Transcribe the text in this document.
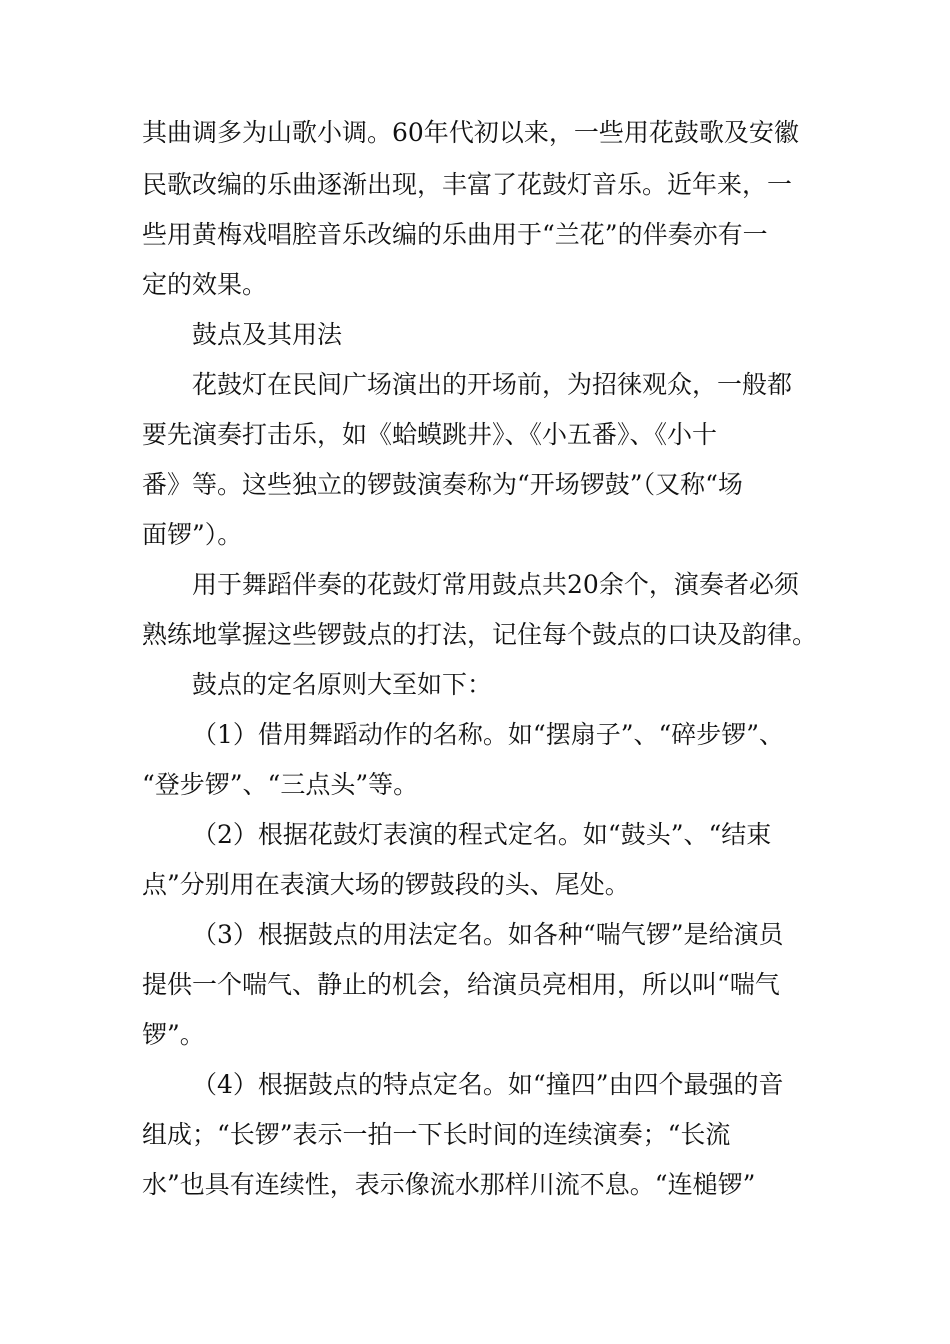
其曲调多为山歌小调。60年代初以来，一些用花鼓歌及安徽
民歌改编的乐曲逐渐出现，丰富了花鼓灯音乐。近年来，一
些用黄梅戏唱腔音乐改编的乐曲用于“兰花”的伴奏亦有一
定的效果。
鼓点及其用法
花鼓灯在民间广场演出的开场前，为招徕观众，一般都
要先演奏打击乐，如《蛤蟆跳井》、《小五番》、《小十
番》等。这些独立的锣鼓演奏称为“开场锣鼓”（又称“场
面锣”）。
用于舞蹈伴奏的花鼓灯常用鼓点共20余个，演奏者必须
熟练地掌握这些锣鼓点的打法，记住每个鼓点的口诀及韵律。
鼓点的定名原则大至如下：
（1）借用舞蹈动作的名称。如“摆扇子”、“碎步锣”、
“登步锣”、“三点头”等。
（2）根据花鼓灯表演的程式定名。如“鼓头”、“结束
点”分别用在表演大场的锣鼓段的头、尾处。
（3）根据鼓点的用法定名。如各种“喘气锣”是给演员
提供一个喘气、静止的机会，给演员亮相用，所以叫“喘气
锣”。
（4）根据鼓点的特点定名。如“撞四”由四个最强的音
组成；“长锣”表示一拍一下长时间的连续演奏；“长流
水”也具有连续性，表示像流水那样川流不息。“连槌锣”
